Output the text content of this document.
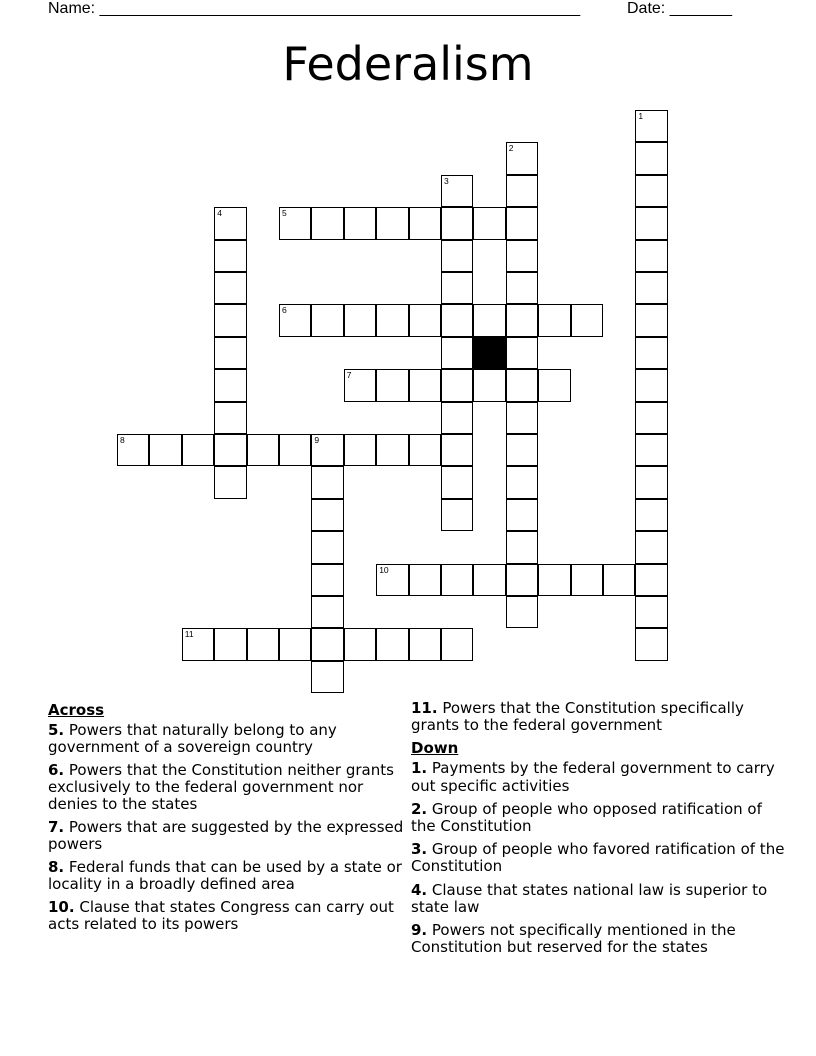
Name: ______________________________________________________	Date: _______
Federalism
1
2
3
4	5
6
7
8	9
10
11
Across
5. Powers that naturally belong to any government of a sovereign country
6. Powers that the Constitution neither grants exclusively to the federal government nor denies to the states
7. Powers that are suggested by the expressed powers
8. Federal funds that can be used by a state or locality in a broadly defined area
10. Clause that states Congress can carry out acts related to its powers
11. Powers that the Constitution specifically grants to the federal government
Down
1. Payments by the federal government to carry out specific activities
2. Group of people who opposed ratification of the Constitution
3. Group of people who favored ratification of the Constitution
4. Clause that states national law is superior to state law
9. Powers not specifically mentioned in the Constitution but reserved for the states
